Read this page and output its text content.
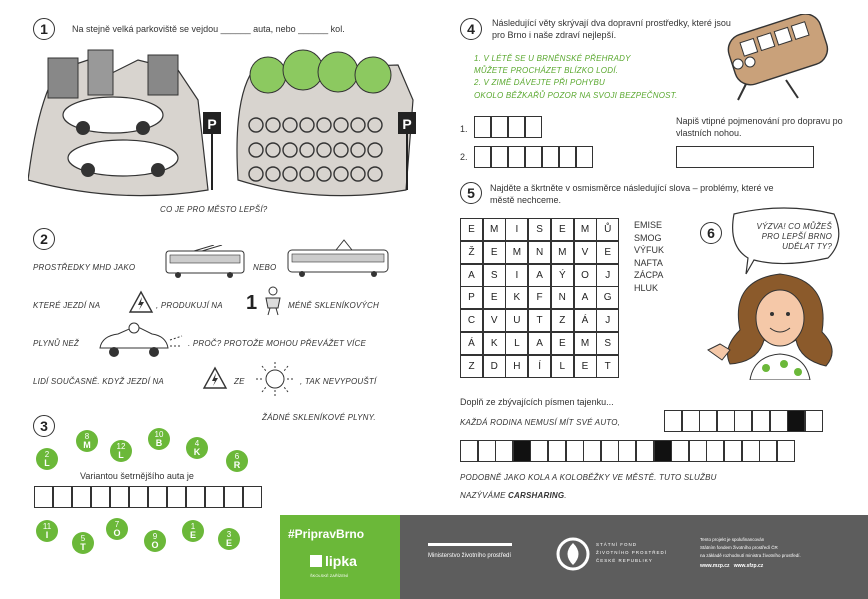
1	Na stejně velká parkoviště se vejdou ______ auta, nebo ______ kol.
P	P
CO JE PRO MĚSTO LEPŠÍ?
2
PROSTŘEDKY MHD JAKO	NEBO
KTERÉ JEZDÍ NA	, PRODUKUJÍ NA 1	MÉNĚ SKLENÍKOVÝCH
PLYNŮ NEŽ	. PROČ? PROTOŽE MOHOU PŘEVÁŽET VÍCE
LIDÍ SOUČASNĚ. KDYŽ JEZDÍ NA	ZE	, TAK NEVYPOUŠTÍ
ŽÁDNÉ SKLENÍKOVÉ PLYNY.
3
Variantou šetrnějšího auta je
4	Následující věty skrývají dva dopravní prostředky, které jsou pro Brno i naše zdraví nejlepší.
1. V LÉTĚ SE U BRNĚNSKÉ PŘEHRADY
MŮŽETE PROCHÁZET BLÍZKO LODÍ.
2. V ZIMĚ DÁVEJTE PŘI POHYBU
OKOLO BĚŽKAŘŮ POZOR NA SVOJI BEZPEČNOST.
1.
2.
Napiš vtipné pojmenování pro dopravu po vlastních nohou.
5	Najděte a škrtněte v osmisměrce následující slova – problémy, které ve městě nechceme.
Doplň ze zbývajících písmen tajenku...
KAŽDÁ RODINA NEMUSÍ MÍT SVÉ AUTO,
PODOBNĚ JAKO KOLA A KOLOBĚŽKY VE MĚSTĚ. TUTO SLUŽBU
NAZÝVÁME CARSHARING.
6	VÝZVA! CO MŮŽEŠ PRO LEPŠÍ BRNO UDĚLAT TY?
#PripravBrno
lipka
ŠKOLSKÉ ZAŘÍZENÍ
Ministerstvo životního prostředí
STÁTNÍ FOND
ŽIVOTNÍHO PROSTŘEDÍ
ČESKÉ REPUBLIKY
Tento projekt je spolufinancován
Státním fondem životního prostředí ČR
na základě rozhodnutí ministra životního prostředí.
www.mzp.cz   www.sfzp.cz
2
L
8
M	12
L
10
B	4
K	6
R
11
I	5
T
7
O	9
O
1
E	3
E
E	M	I	S	E	M	Ů
Ž	E	M	N	M	V	E
A	S	I	A	Ý	O	J
P	E	K	F	N	A	G
C	V	U	T	Z	Á	J
Á	K	L	A	E	M	S
Z	D	H	Í	L	E	T
EMISE
SMOG
VÝFUK
NAFTA
ZÁCPA
HLUK
